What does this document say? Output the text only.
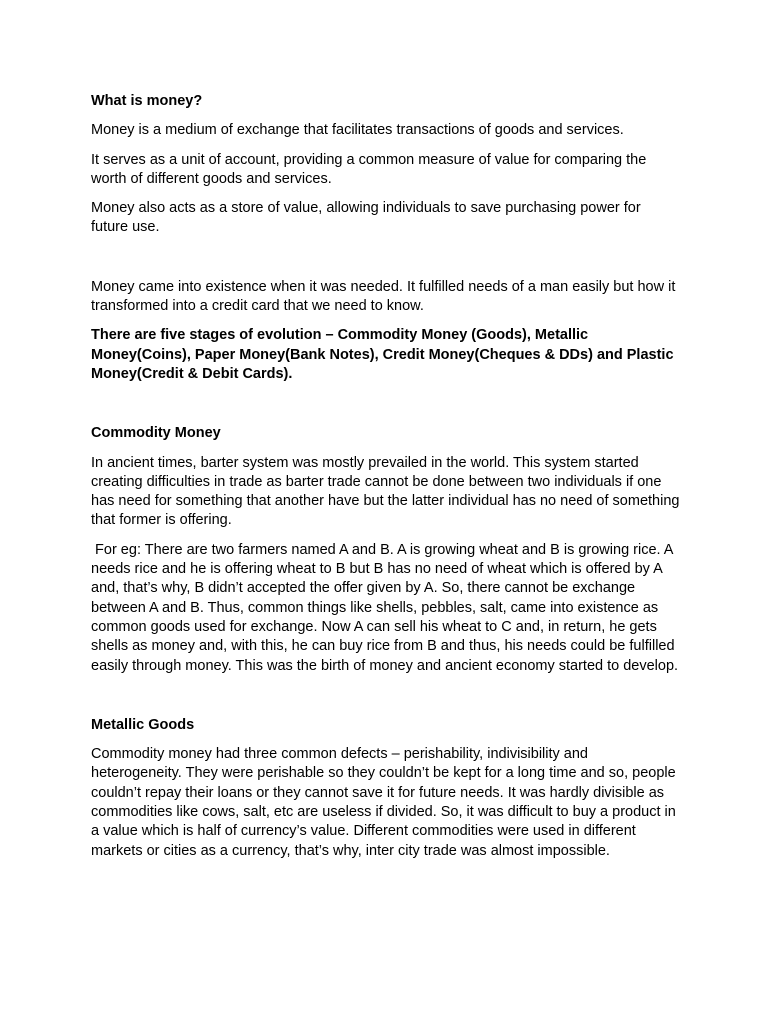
What is money?

Money is a medium of exchange that facilitates transactions of goods and services.

It serves as a unit of account, providing a common measure of value for comparing the worth of different goods and services.

Money also acts as a store of value, allowing individuals to save purchasing power for future use.

Money came into existence when it was needed. It fulfilled needs of a man easily but how it transformed into a credit card that we need to know.

There are five stages of evolution – Commodity Money (Goods), Metallic Money(Coins), Paper Money(Bank Notes), Credit Money(Cheques & DDs) and Plastic Money(Credit & Debit Cards).

Commodity Money

In ancient times, barter system was mostly prevailed in the world. This system started creating difficulties in trade as barter trade cannot be done between two individuals if one has need for something that another have but the latter individual has no need of something that former is offering.

For eg: There are two farmers named A and B. A is growing wheat and B is growing rice. A needs rice and he is offering wheat to B but B has no need of wheat which is offered by A and, that’s why, B didn’t accepted the offer given by A. So, there cannot be exchange between A and B. Thus, common things like shells, pebbles, salt, came into existence as common goods used for exchange. Now A can sell his wheat to C and, in return, he gets shells as money and, with this, he can buy rice from B and thus, his needs could be fulfilled easily through money. This was the birth of money and ancient economy started to develop.

Metallic Goods

Commodity money had three common defects – perishability, indivisibility and heterogeneity. They were perishable so they couldn’t be kept for a long time and so, people couldn’t repay their loans or they cannot save it for future needs. It was hardly divisible as commodities like cows, salt, etc are useless if divided. So, it was difficult to buy a product in a value which is half of currency’s value. Different commodities were used in different markets or cities as a currency, that’s why, inter city trade was almost impossible.
